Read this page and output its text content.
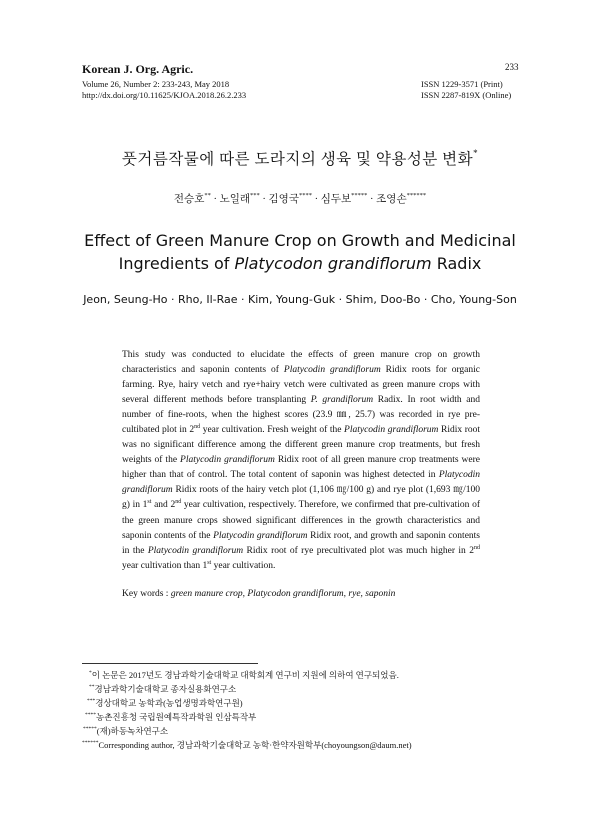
Korean J. Org. Agric.	233
Volume 26, Number 2: 233-243, May 2018
http://dx.doi.org/10.11625/KJOA.2018.26.2.233
ISSN 1229-3571 (Print)
ISSN 2287-819X (Online)
풋거름작물에 따른 도라지의 생육 및 약용성분 변화*
전승호** · 노일래*** · 김영국**** · 심두보***** · 조영손******
Effect of Green Manure Crop on Growth and Medicinal
Ingredients of Platycodon grandiflorum Radix
Jeon, Seung-Ho · Rho, Il-Rae · Kim, Young-Guk · Shim, Doo-Bo · Cho, Young-Son
This study was conducted to elucidate the effects of green manure crop on growth characteristics and saponin contents of Platycodin grandiflorum Ridix roots for organic farming. Rye, hairy vetch and rye+hairy vetch were cultivated as green manure crops with several different methods before transplanting P. grandiflorum Radix. In root width and number of fine-roots, when the highest scores (23.9 ㎜, 25.7) was recorded in rye pre-cultibated plot in 2nd year cultivation. Fresh weight of the Platycodin grandiflorum Ridix root was no significant difference among the different green manure crop treatments, but fresh weights of the Platycodin grandiflorum Ridix root of all green manure crop treatments were higher than that of control. The total content of saponin was highest detected in Platycodin grandiflorum Ridix roots of the hairy vetch plot (1,106 ㎎/100 g) and rye plot (1,693 ㎎/100 g) in 1st and 2nd year cultivation, respectively. Therefore, we confirmed that pre-cultivation of the green manure crops showed significant differences in the growth characteristics and saponin contents of the Platycodin grandiflorum Ridix root, and growth and saponin contents in the Platycodin grandiflorum Ridix root of rye precultivated plot was much higher in 2nd year cultivation than 1st year cultivation.
Key words : green manure crop, Platycodon grandiflorum, rye, saponin
*이 논문은 2017년도 경남과학기술대학교 대학회계 연구비 지원에 의하여 연구되었음.
**경남과학기술대학교 종자실용화연구소
***경상대학교 농학과(농업생명과학연구원)
****농촌진흥청 국립원예특작과학원 인삼특작부
*****(재)하동녹차연구소
******Corresponding author, 경남과학기술대학교 농학·한약자원학부(choyoungson@daum.net)
